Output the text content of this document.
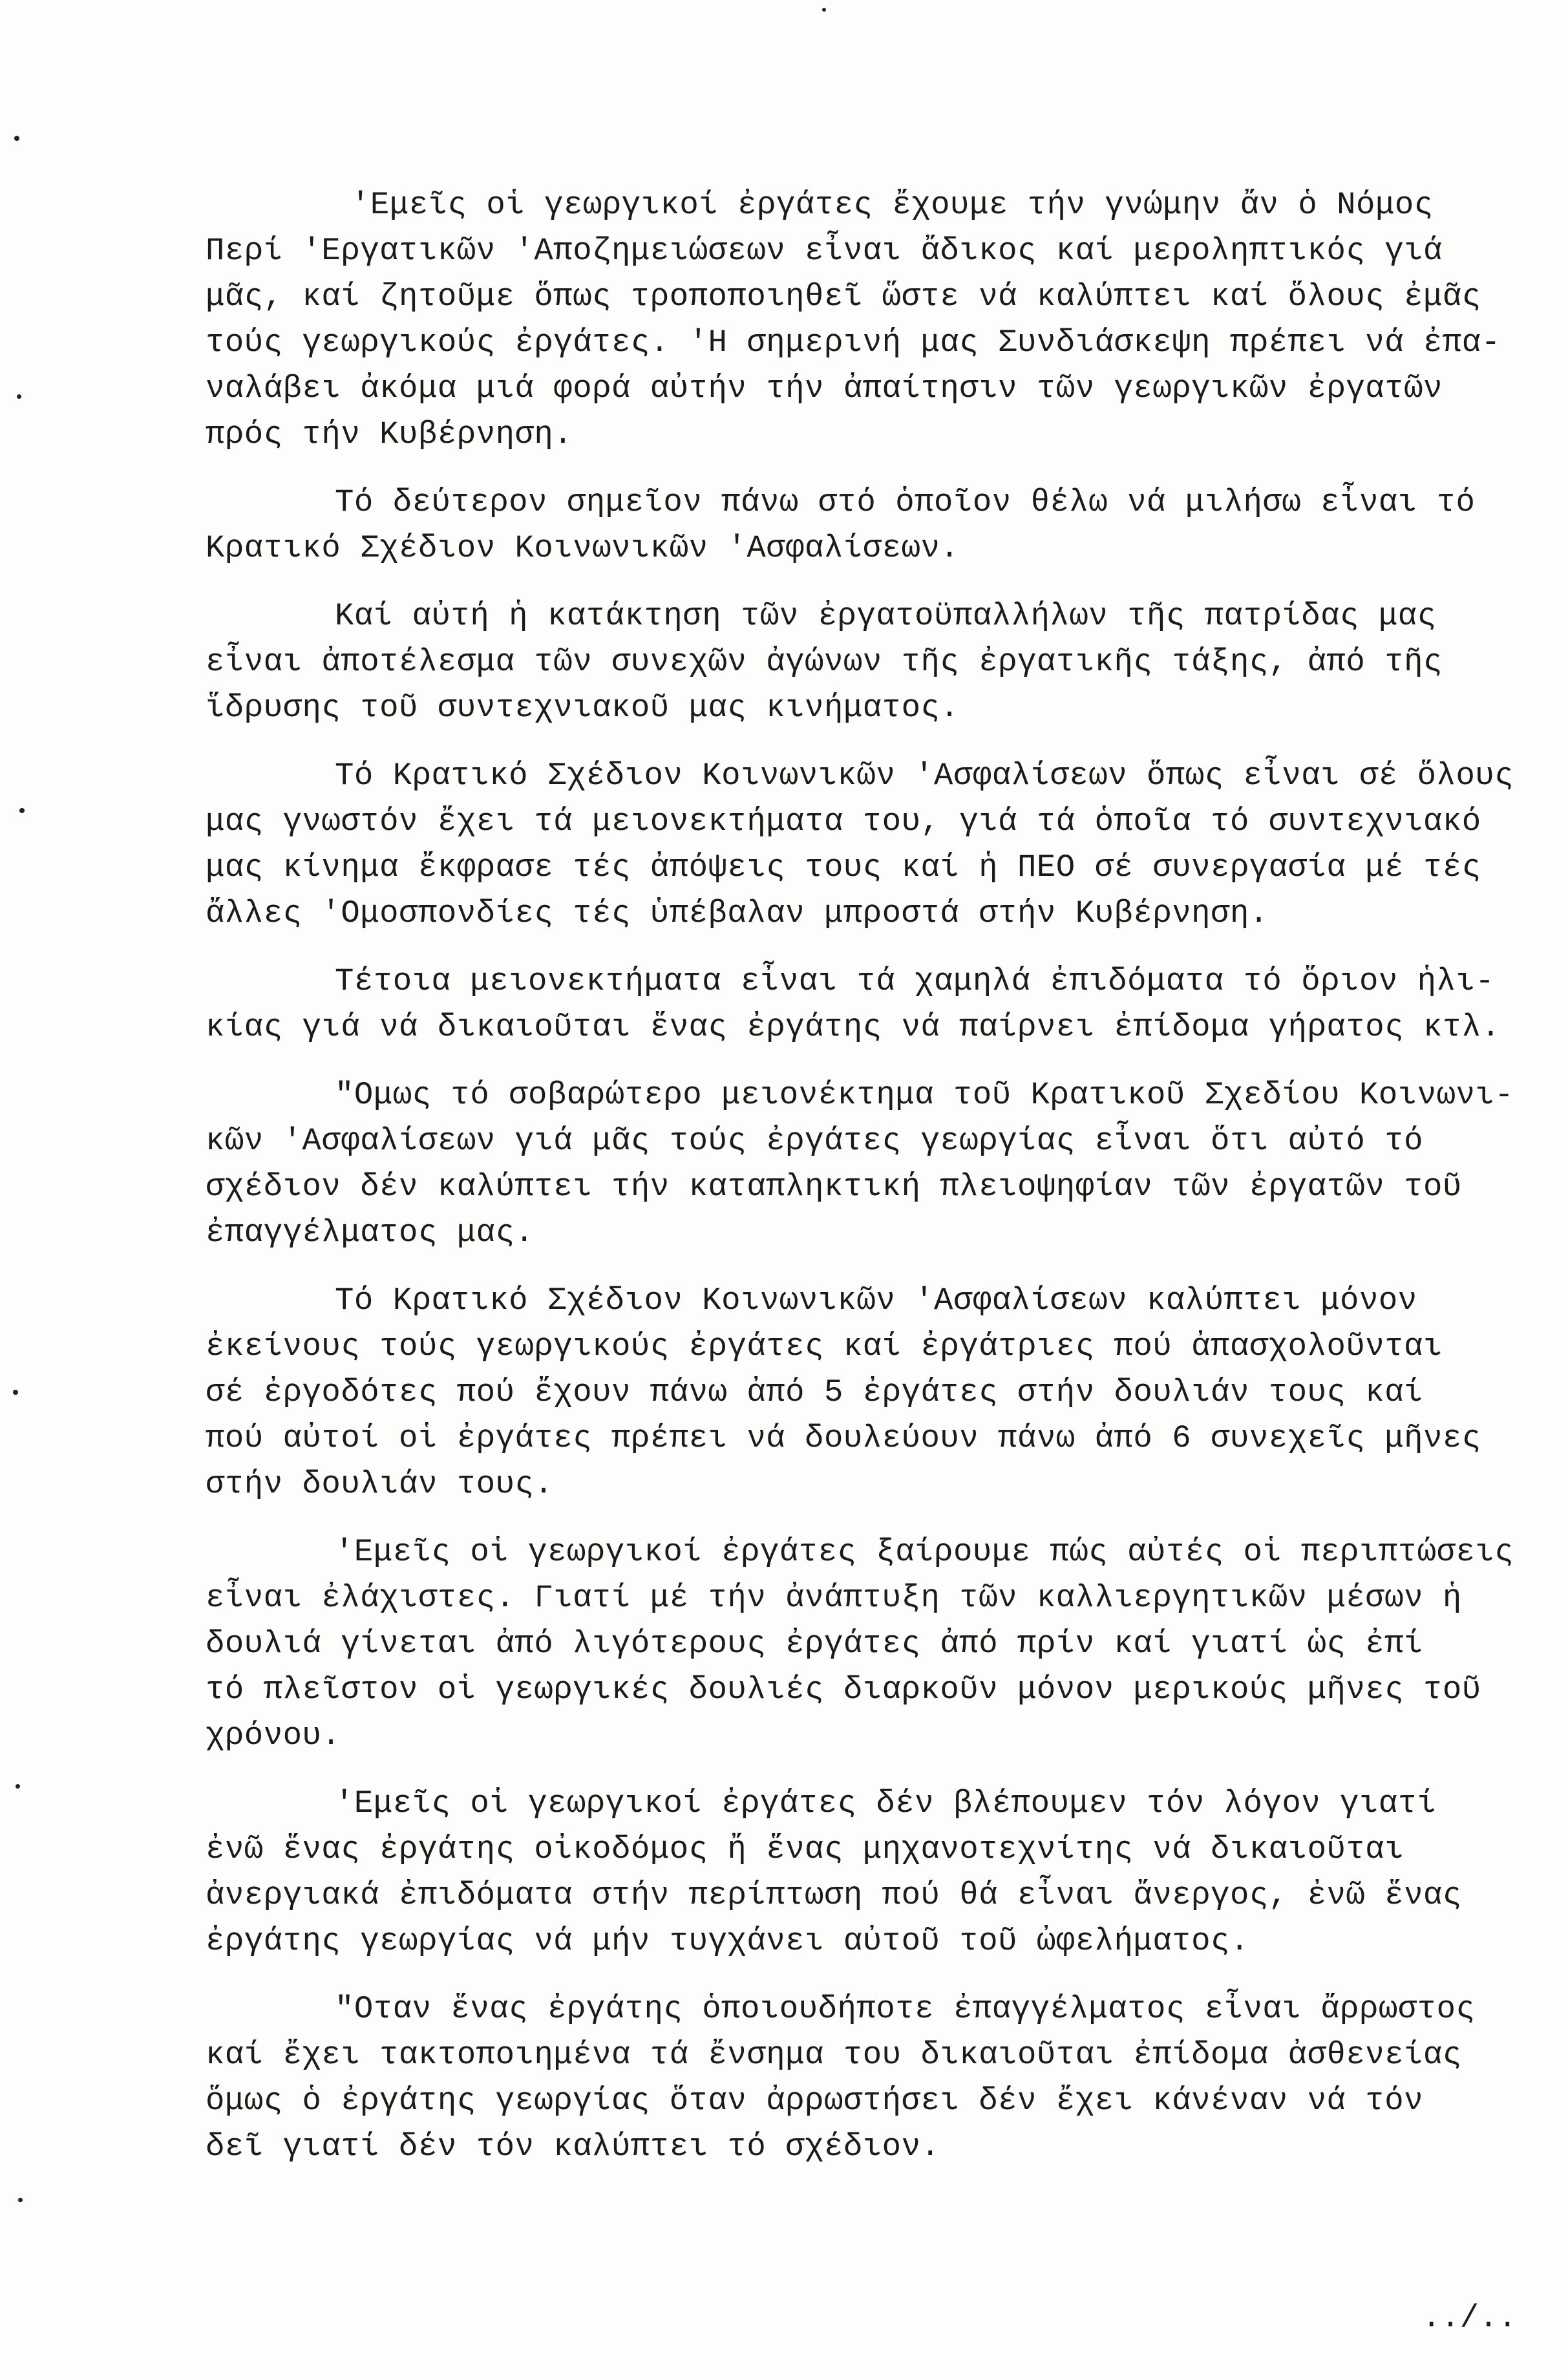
'Εμεῖς οἱ γεωργικοί ἐργάτες ἔχουμε τήν γνώμην ἄν ὁ Νόμος
Περί 'Εργατικῶν 'Αποζημειώσεων εἶναι ἄδικος καί μεροληπτικός γιά
μᾶς, καί ζητοῦμε ὅπως τροποποιηθεῖ ὥστε νά καλύπτει καί ὅλους ἐμᾶς
τούς γεωργικούς ἐργάτες. 'Η σημερινή μας Συνδιάσκεψη πρέπει νά ἐπα-
ναλάβει ἀκόμα μιά φορά αὐτήν τήν ἀπαίτησιν τῶν γεωργικῶν ἐργατῶν
πρός τήν Κυβέρνηση.

Τό δεύτερον σημεῖον πάνω στό ὁποῖον θέλω νά μιλήσω εἶναι τό
Κρατικό Σχέδιον Κοινωνικῶν 'Ασφαλίσεων.

Καί αὐτή ἡ κατάκτηση τῶν ἐργατοϋπαλλήλων τῆς πατρίδας μας
εἶναι ἀποτέλεσμα τῶν συνεχῶν ἀγώνων τῆς ἐργατικῆς τάξης, ἀπό τῆς
ἵδρυσης τοῦ συντεχνιακοῦ μας κινήματος.

Τό Κρατικό Σχέδιον Κοινωνικῶν 'Ασφαλίσεων ὅπως εἶναι σέ ὅλους
μας γνωστόν ἔχει τά μειονεκτήματα του, γιά τά ὁποῖα τό συντεχνιακό
μας κίνημα ἔκφρασε τές ἀπόψεις τους καί ἡ ΠΕΟ σέ συνεργασία μέ τές
ἄλλες 'Ομοσπονδίες τές ὑπέβαλαν μπροστά στήν Κυβέρνηση.

Τέτοια μειονεκτήματα εἶναι τά χαμηλά ἐπιδόματα τό ὅριον ἡλι-
κίας γιά νά δικαιοῦται ἕνας ἐργάτης νά παίρνει ἐπίδομα γήρατος κτλ.

"Ομως τό σοβαρώτερο μειονέκτημα τοῦ Κρατικοῦ Σχεδίου Κοινωνι-
κῶν 'Ασφαλίσεων γιά μᾶς τούς ἐργάτες γεωργίας εἶναι ὅτι αὐτό τό
σχέδιον δέν καλύπτει τήν καταπληκτική πλειοψηφίαν τῶν ἐργατῶν τοῦ
ἐπαγγέλματος μας.

Τό Κρατικό Σχέδιον Κοινωνικῶν 'Ασφαλίσεων καλύπτει μόνον
ἐκείνους τούς γεωργικούς ἐργάτες καί ἐργάτριες πού ἀπασχολοῦνται
σέ ἐργοδότες πού ἔχουν πάνω ἀπό 5 ἐργάτες στήν δουλιάν τους καί
πού αὐτοί οἱ ἐργάτες πρέπει νά δουλεύουν πάνω ἀπό 6 συνεχεῖς μῆνες
στήν δουλιάν τους.

'Εμεῖς οἱ γεωργικοί ἐργάτες ξαίρουμε πώς αὐτές οἱ περιπτώσεις
εἶναι ἐλάχιστες. Γιατί μέ τήν ἀνάπτυξη τῶν καλλιεργητικῶν μέσων ἡ
δουλιά γίνεται ἀπό λιγότερους ἐργάτες ἀπό πρίν καί γιατί ὡς ἐπί
τό πλεῖστον οἱ γεωργικές δουλιές διαρκοῦν μόνον μερικούς μῆνες τοῦ
χρόνου.

'Εμεῖς οἱ γεωργικοί ἐργάτες δέν βλέπουμεν τόν λόγον γιατί
ἐνῶ ἕνας ἐργάτης οἰκοδόμος ἤ ἕνας μηχανοτεχνίτης νά δικαιοῦται
ἀνεργιακά ἐπιδόματα στήν περίπτωση πού θά εἶναι ἄνεργος, ἐνῶ ἕνας
ἐργάτης γεωργίας νά μήν τυγχάνει αὐτοῦ τοῦ ὠφελήματος.

"Οταν ἕνας ἐργάτης ὁποιουδήποτε ἐπαγγέλματος εἶναι ἄρρωστος
καί ἔχει τακτοποιημένα τά ἔνσημα του δικαιοῦται ἐπίδομα ἀσθενείας
ὅμως ὁ ἐργάτης γεωργίας ὅταν ἀρρωστήσει δέν ἔχει κάνέναν νά τόν
δεῖ γιατί δέν τόν καλύπτει τό σχέδιον.

../..
